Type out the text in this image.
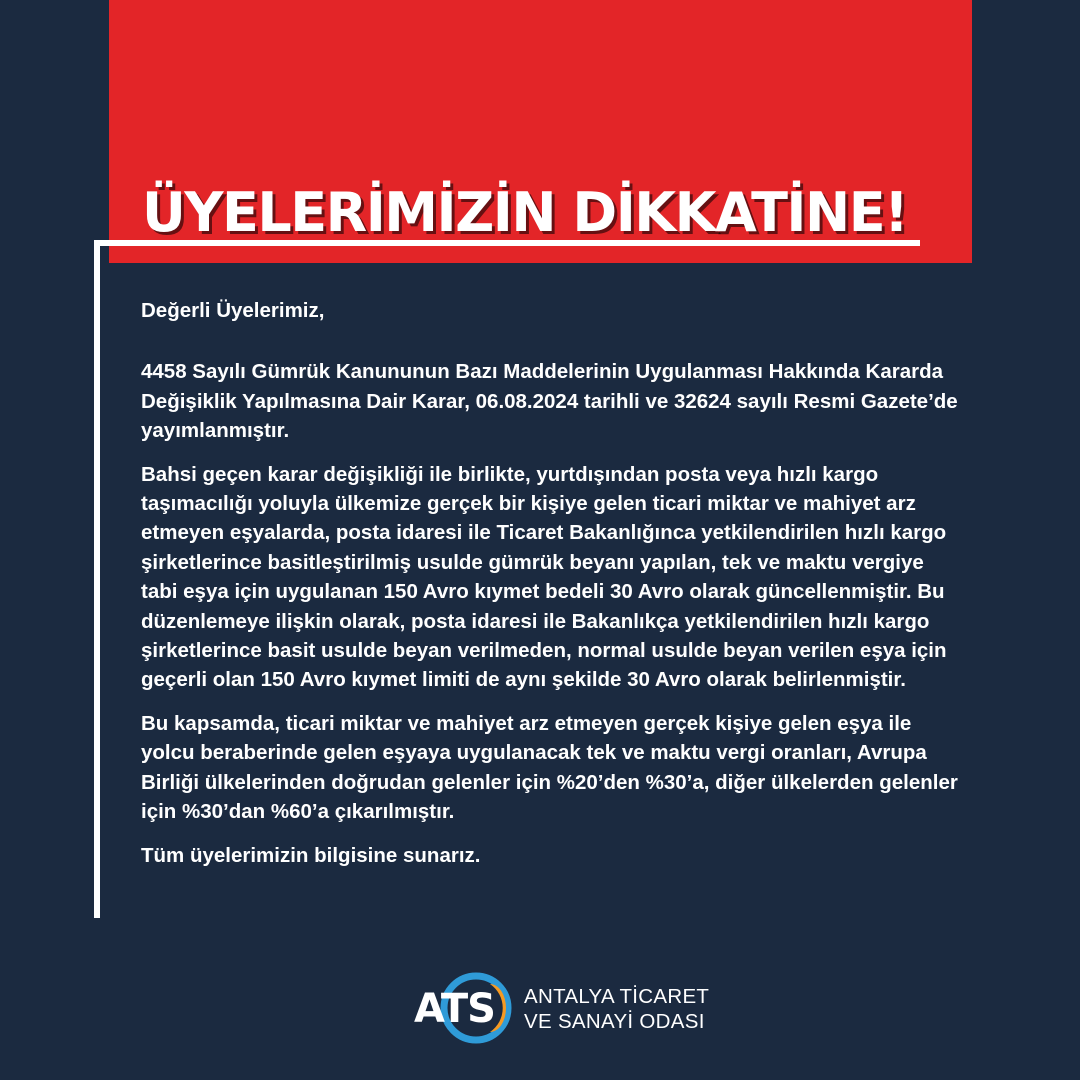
ÜYELERİMİZİN DİKKATİNE!

Değerli Üyelerimiz,

4458 Sayılı Gümrük Kanununun Bazı Maddelerinin Uygulanması Hakkında Kararda Değişiklik Yapılmasına Dair Karar, 06.08.2024 tarihli ve 32624 sayılı Resmi Gazete’de yayımlanmıştır.

Bahsi geçen karar değişikliği ile birlikte, yurtdışından posta veya hızlı kargo taşımacılığı yoluyla ülkemize gerçek bir kişiye gelen ticari miktar ve mahiyet arz etmeyen eşyalarda, posta idaresi ile Ticaret Bakanlığınca yetkilendirilen hızlı kargo şirketlerince basitleştirilmiş usulde gümrük beyanı yapılan, tek ve maktu vergiye tabi eşya için uygulanan 150 Avro kıymet bedeli 30 Avro olarak güncellenmiştir. Bu düzenlemeye ilişkin olarak, posta idaresi ile Bakanlıkça yetkilendirilen hızlı kargo şirketlerince basit usulde beyan verilmeden, normal usulde beyan verilen eşya için geçerli olan 150 Avro kıymet limiti de aynı şekilde 30 Avro olarak belirlenmiştir.

Bu kapsamda, ticari miktar ve mahiyet arz etmeyen gerçek kişiye gelen eşya ile yolcu beraberinde gelen eşyaya uygulanacak tek ve maktu vergi oranları, Avrupa Birliği ülkelerinden doğrudan gelenler için %20’den %30’a, diğer ülkelerden gelenler için %30’dan %60’a çıkarılmıştır.

Tüm üyelerimizin bilgisine sunarız.

ATS ANTALYA TİCARET
VE SANAYİ ODASI
